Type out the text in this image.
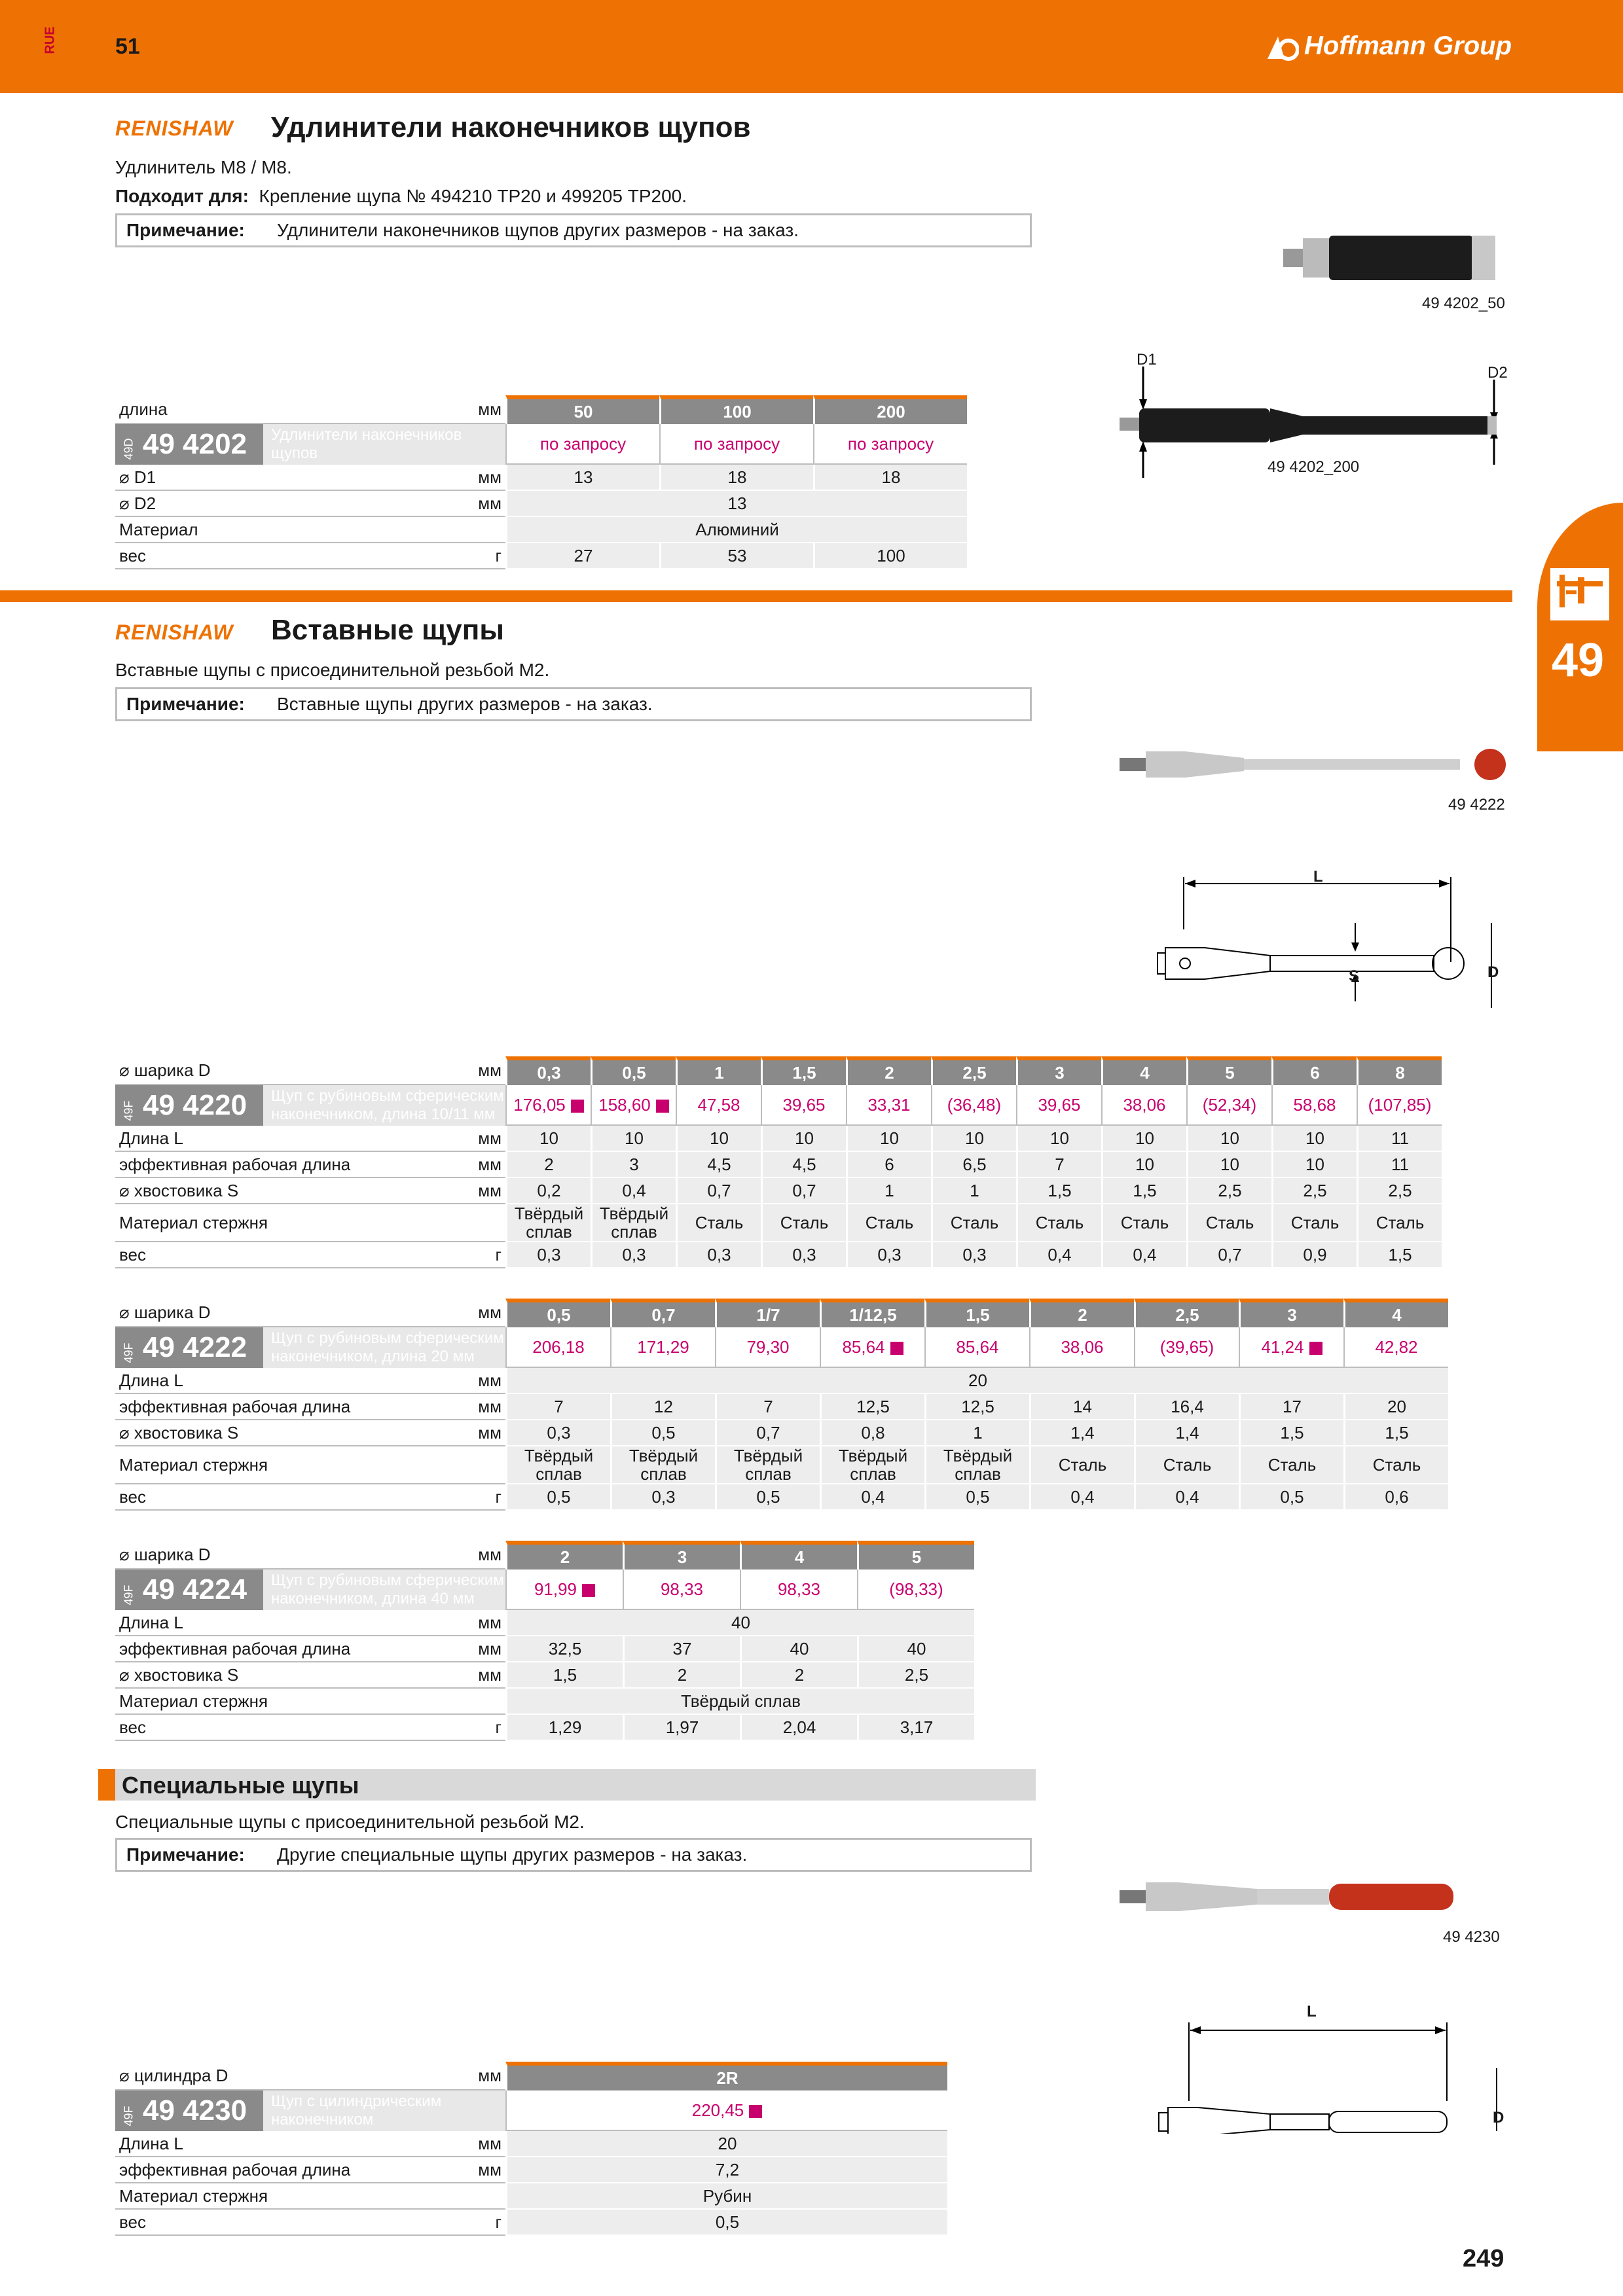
RUE	51	Hoffmann Group
49
RENISHAW Удлинители наконечников щупов
Удлинитель M8 / M8.
Подходит для: Крепление щупа № 494210 TP20 и 499205 TP200.
Примечание: Удлинители наконечников щупов других размеров - на заказ.
49 4202_50
D1
D2
49 4202_200
длина	мм	50	100	200

49D 49 4202 Удлинители наконечников щупов		по запросу	по запросу	по запросу
⌀ D1	мм	13	18	18
⌀ D2	мм	13		
Материал		Алюминий		
вес	г	27	53	100
RENISHAW Вставные щупы
Вставные щупы с присоединительной резьбой M2.
Примечание: Вставные щупы других размеров - на заказ.
49 4222
L
S	D
⌀ шарика D	мм	0,3	0,5	1	1,5	2	2,5	3	4	5	6	8

49F 49 4220 Щуп с рубиновым сферическим наконечником, длина 10/11 мм		176,05	158,60	47,58	39,65	33,31	(36,48)	39,65	38,06	(52,34)	58,68	(107,85)
Длина L	мм	10	10	10	10	10	10	10	10	10	10	11
эффективная рабочая длина	мм	2	3	4,5	4,5	6	6,5	7	10	10	10	11
⌀ хвостовика S	мм	0,2	0,4	0,7	0,7	1	1	1,5	1,5	2,5	2,5	2,5
Материал стержня		Твёрдый сплав	Твёрдый сплав	Сталь	Сталь	Сталь	Сталь	Сталь	Сталь	Сталь	Сталь	Сталь
вес	г	0,3	0,3	0,3	0,3	0,3	0,3	0,4	0,4	0,7	0,9	1,5
⌀ шарика D	мм	0,5	0,7	1/7	1/12,5	1,5	2	2,5	3	4

49F 49 4222 Щуп с рубиновым сферическим наконечником, длина 20 мм		206,18	171,29	79,30	85,64	85,64	38,06	(39,65)	41,24	42,82
Длина L	мм	20								
эффективная рабочая длина	мм	7	12	7	12,5	12,5	14	16,4	17	20
⌀ хвостовика S	мм	0,3	0,5	0,7	0,8	1	1,4	1,4	1,5	1,5
Материал стержня		Твёрдый сплав	Твёрдый сплав	Твёрдый сплав	Твёрдый сплав	Твёрдый сплав	Сталь	Сталь	Сталь	Сталь
вес	г	0,5	0,3	0,5	0,4	0,5	0,4	0,4	0,5	0,6
⌀ шарика D	мм	2	3	4	5

49F 49 4224 Щуп с рубиновым сферическим наконечником, длина 40 мм		91,99	98,33	98,33	(98,33)
Длина L	мм	40			
эффективная рабочая длина	мм	32,5	37	40	40
⌀ хвостовика S	мм	1,5	2	2	2,5
Материал стержня		Твёрдый сплав			
вес	г	1,29	1,97	2,04	3,17
Специальные щупы
Специальные щупы с присоединительной резьбой M2.
Примечание: Другие специальные щупы других размеров - на заказ.
49 4230
L
D
⌀ цилиндра D	мм	2R

49F 49 4230 Щуп с цилиндрическим наконечником		220,45
Длина L	мм	20
эффективная рабочая длина	мм	7,2
Материал стержня		Рубин
вес	г	0,5
249
